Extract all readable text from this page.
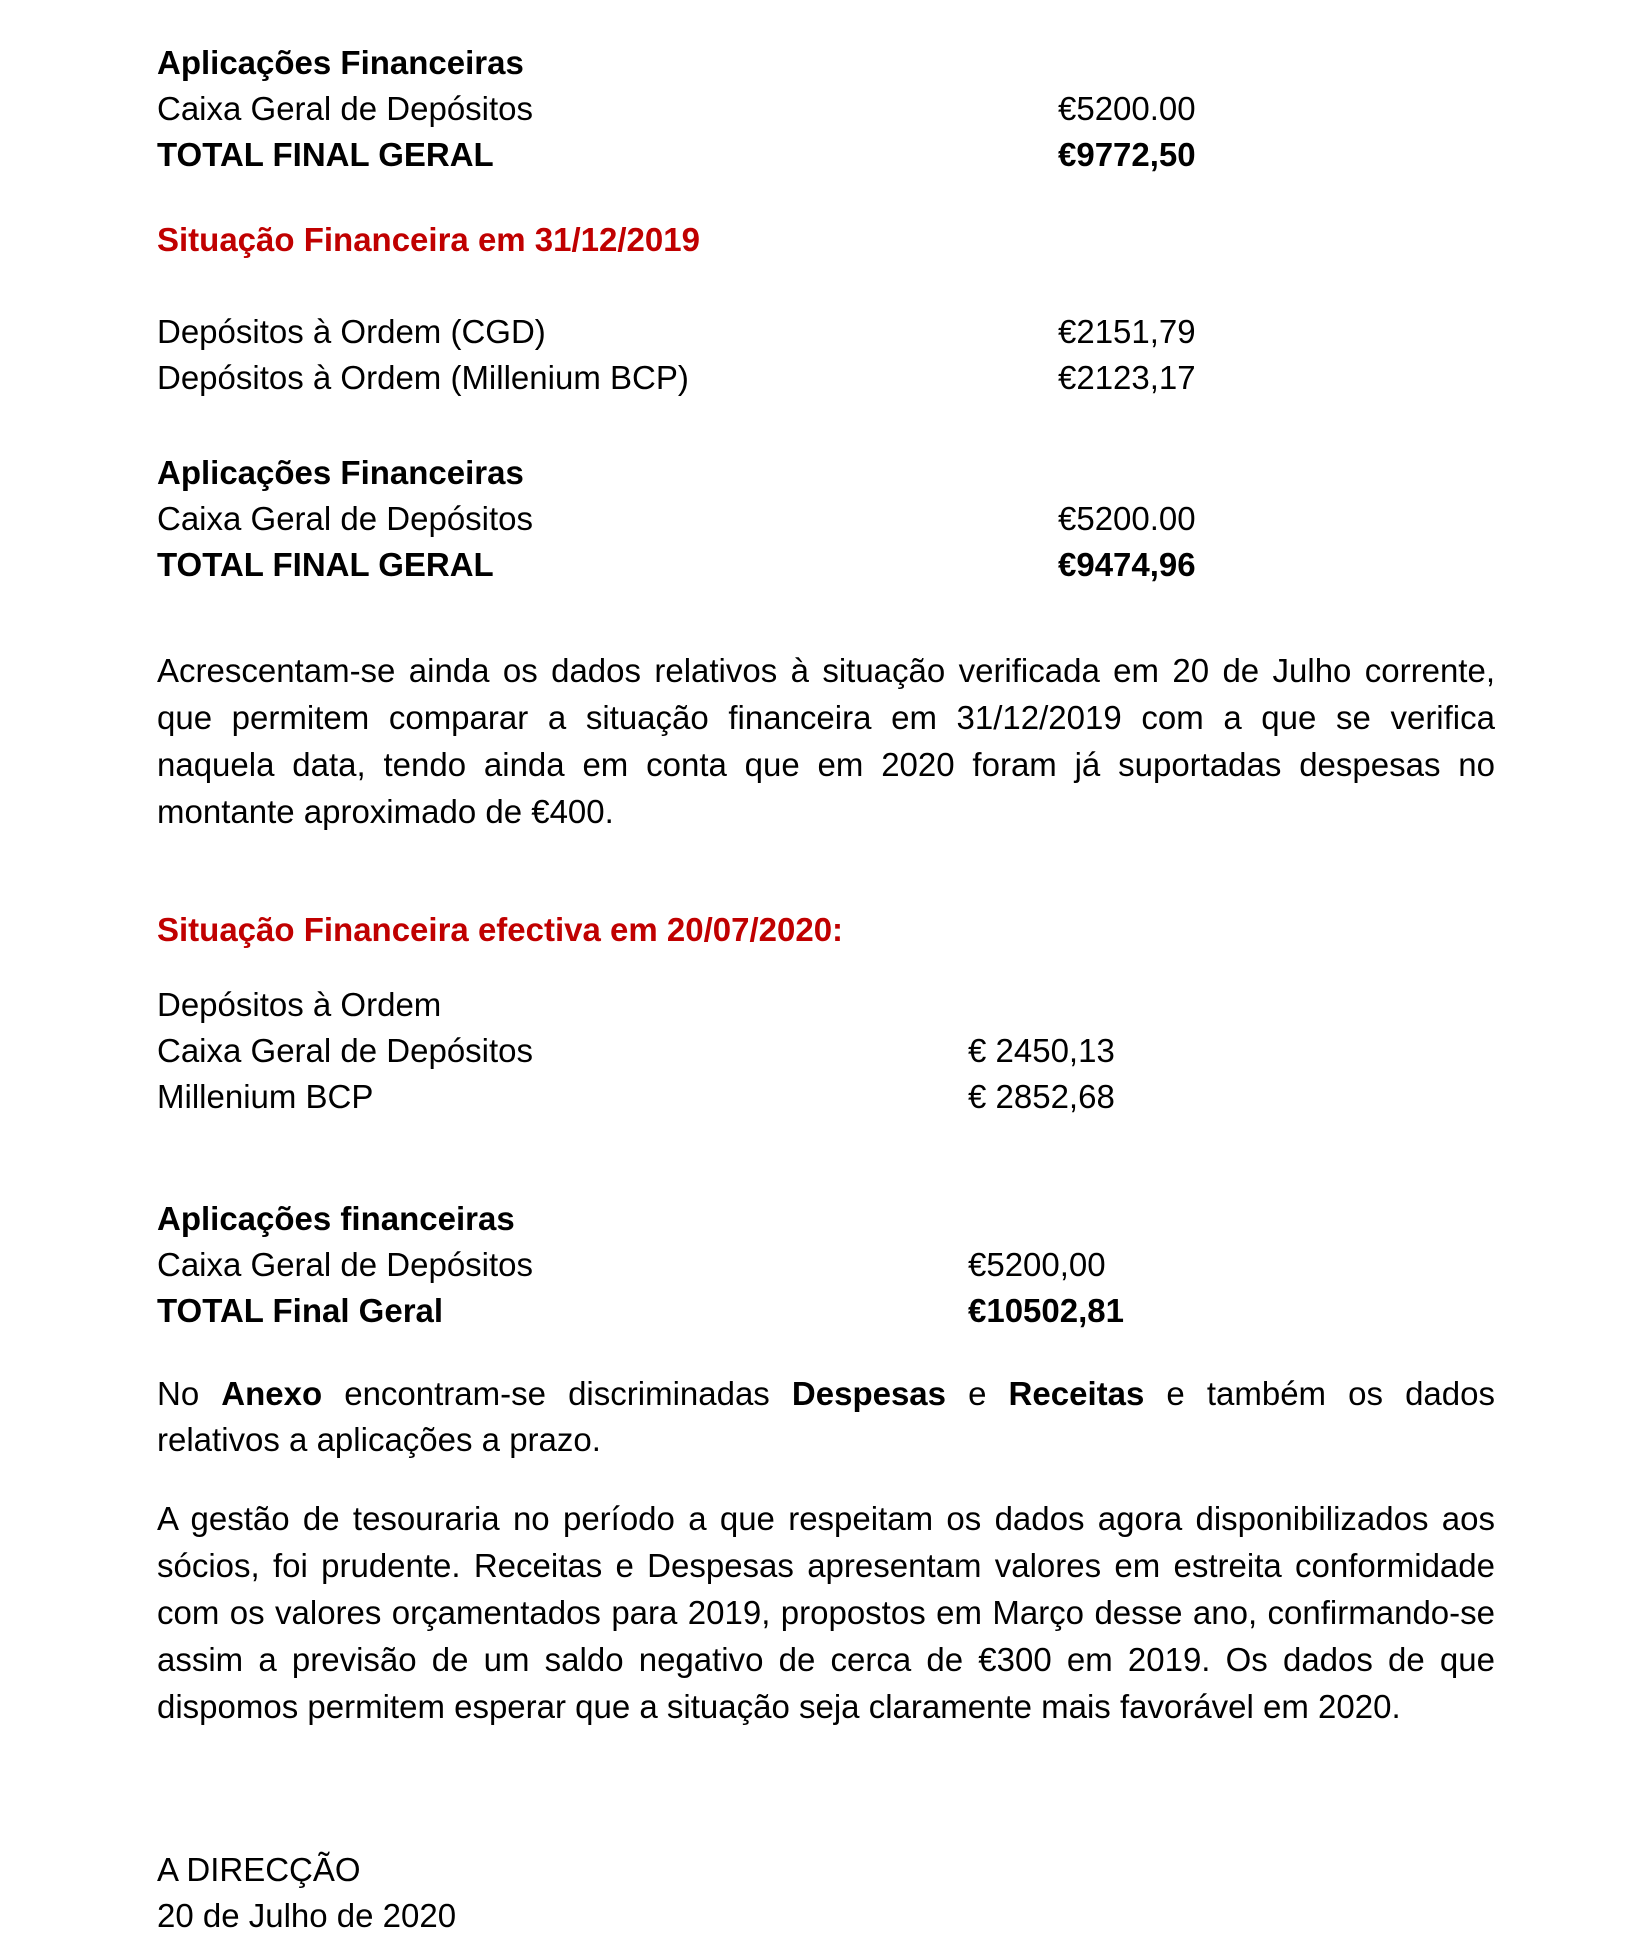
Aplicações Financeiras
Caixa Geral de Depósitos	€5200.00
TOTAL FINAL GERAL	€9772,50
Situação Financeira em 31/12/2019
Depósitos à Ordem (CGD)	€2151,79
Depósitos à Ordem (Millenium BCP)	€2123,17
Aplicações Financeiras
Caixa Geral de Depósitos	€5200.00
TOTAL FINAL GERAL	€9474,96
Acrescentam-se ainda os dados relativos à situação verificada em 20 de Julho corrente, que permitem comparar a situação financeira em 31/12/2019 com a que se verifica naquela data, tendo ainda em conta que em 2020 foram já suportadas despesas no montante aproximado de €400.
Situação Financeira efectiva em 20/07/2020:
Depósitos à Ordem
Caixa Geral de Depósitos	€ 2450,13
Millenium BCP	€ 2852,68
Aplicações financeiras
Caixa Geral de Depósitos	€5200,00
TOTAL Final Geral	€10502,81
No Anexo encontram-se discriminadas Despesas e Receitas e também os dados relativos a aplicações a prazo.
A gestão de tesouraria no período a que respeitam os dados agora disponibilizados aos sócios, foi prudente. Receitas e Despesas apresentam valores em estreita conformidade com os valores orçamentados para 2019, propostos em Março desse ano, confirmando-se assim a previsão de um saldo negativo de cerca de €300 em 2019. Os dados de que dispomos permitem esperar que a situação seja claramente mais favorável em 2020.
A DIRECÇÃO
20 de Julho de 2020
